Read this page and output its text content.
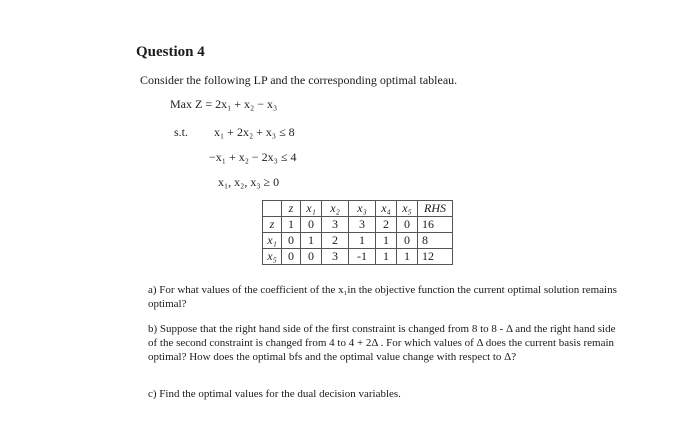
Question 4
Consider the following LP and the corresponding optimal tableau.
Max Z = 2x₁ + x₂ − x₃
s.t. x₁ + 2x₂ + x₃ ≤ 8
−x₁ + x₂ − 2x₃ ≤ 4
x₁, x₂, x₃ ≥ 0
	z	x₁	x₂	x₃	x₄	x₅	RHS
z	1	0	3	3	2	0	16
x₁	0	1	2	1	1	0	8
x₅	0	0	3	-1	1	1	12
a) For what values of the coefficient of the x₁in the objective function the current optimal solution remains optimal?
b) Suppose that the right hand side of the first constraint is changed from 8 to 8 - Δ and the right hand side of the second constraint is changed from 4 to 4 + 2Δ . For which values of Δ does the current basis remain optimal? How does the optimal bfs and the optimal value change with respect to Δ?
c) Find the optimal values for the dual decision variables.
